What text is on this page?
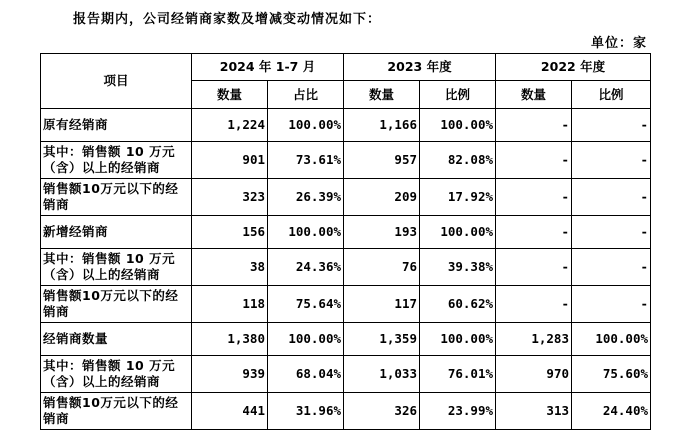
报告期内，公司经销商家数及增减变动情况如下：
单位：家
项目	2024 年 1-7 月		2023 年度		2022 年度	
	数量	占比	数量	比例	数量	比例
原有经销商	1,224	100.00%	1,166	100.00%	-	-
其中：销售额 10 万元（含）以上的经销商	901	73.61%	957	82.08%	-	-
销售额10万元以下的经销商	323	26.39%	209	17.92%	-	-
新增经销商	156	100.00%	193	100.00%	-	-
其中：销售额 10 万元（含）以上的经销商	38	24.36%	76	39.38%	-	-
销售额10万元以下的经销商	118	75.64%	117	60.62%	-	-
经销商数量	1,380	100.00%	1,359	100.00%	1,283	100.00%
其中：销售额 10 万元（含）以上的经销商	939	68.04%	1,033	76.01%	970	75.60%
销售额10万元以下的经销商	441	31.96%	326	23.99%	313	24.40%
